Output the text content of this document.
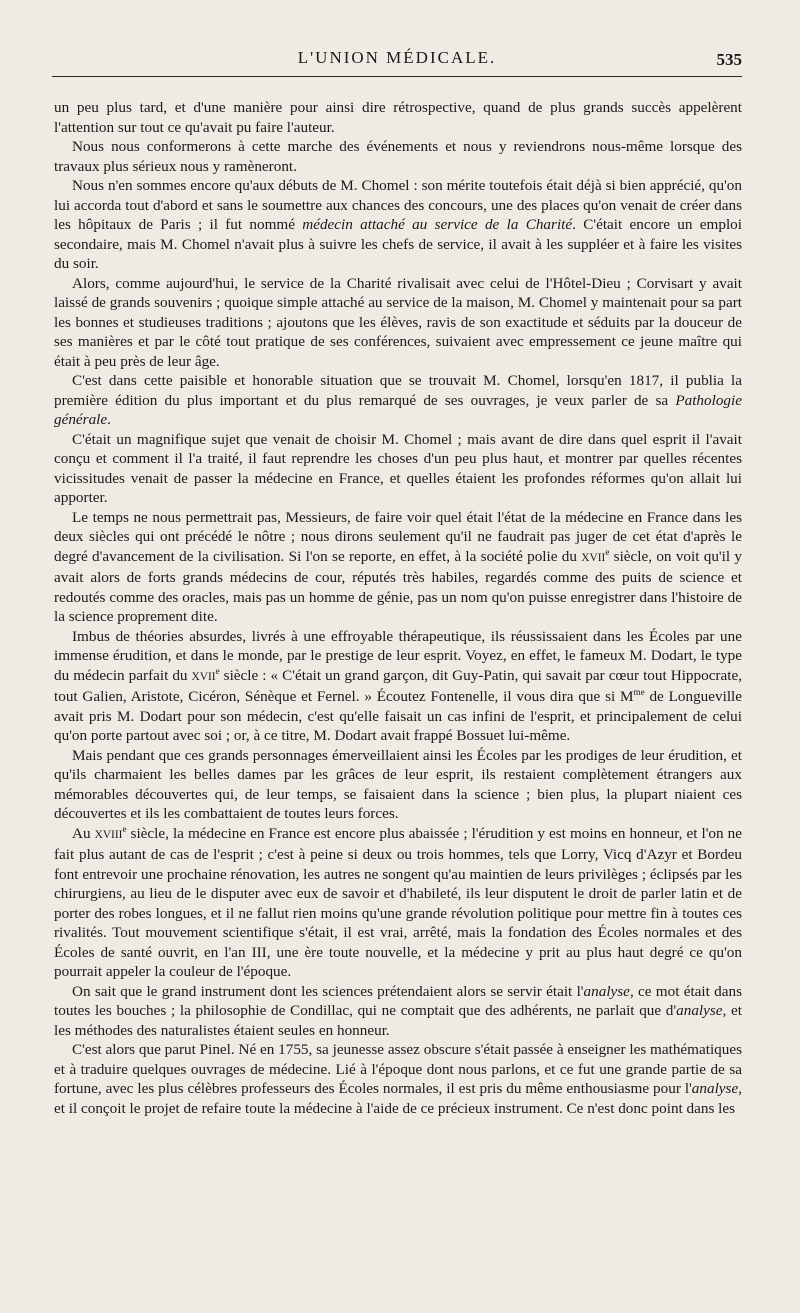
L'UNION MÉDICALE.	535

un peu plus tard, et d'une manière pour ainsi dire rétrospective, quand de plus grands succès appelèrent l'attention sur tout ce qu'avait pu faire l'auteur.

Nous nous conformerons à cette marche des événements et nous y reviendrons nous-même lorsque des travaux plus sérieux nous y ramèneront.

Nous n'en sommes encore qu'aux débuts de M. Chomel : son mérite toutefois était déjà si bien apprécié, qu'on lui accorda tout d'abord et sans le soumettre aux chances des concours, une des places qu'on venait de créer dans les hôpitaux de Paris ; il fut nommé médecin attaché au service de la Charité. C'était encore un emploi secondaire, mais M. Chomel n'avait plus à suivre les chefs de service, il avait à les suppléer et à faire les visites du soir.

Alors, comme aujourd'hui, le service de la Charité rivalisait avec celui de l'Hôtel-Dieu ; Corvisart y avait laissé de grands souvenirs ; quoique simple attaché au service de la maison, M. Chomel y maintenait pour sa part les bonnes et studieuses traditions ; ajoutons que les élèves, ravis de son exactitude et séduits par la douceur de ses manières et par le côté tout pratique de ses conférences, suivaient avec empressement ce jeune maître qui était à peu près de leur âge.

C'est dans cette paisible et honorable situation que se trouvait M. Chomel, lorsqu'en 1817, il publia la première édition du plus important et du plus remarqué de ses ouvrages, je veux parler de sa Pathologie générale.

C'était un magnifique sujet que venait de choisir M. Chomel ; mais avant de dire dans quel esprit il l'avait conçu et comment il l'a traité, il faut reprendre les choses d'un peu plus haut, et montrer par quelles récentes vicissitudes venait de passer la médecine en France, et quelles étaient les profondes réformes qu'on allait lui apporter.

Le temps ne nous permettrait pas, Messieurs, de faire voir quel était l'état de la médecine en France dans les deux siècles qui ont précédé le nôtre ; nous dirons seulement qu'il ne faudrait pas juger de cet état d'après le degré d'avancement de la civilisation. Si l'on se reporte, en effet, à la société polie du XVIIe siècle, on voit qu'il y avait alors de forts grands médecins de cour, réputés très habiles, regardés comme des puits de science et redoutés comme des oracles, mais pas un homme de génie, pas un nom qu'on puisse enregistrer dans l'histoire de la science proprement dite.

Imbus de théories absurdes, livrés à une effroyable thérapeutique, ils réussissaient dans les Écoles par une immense érudition, et dans le monde, par le prestige de leur esprit. Voyez, en effet, le fameux M. Dodart, le type du médecin parfait du XVIIe siècle : « C'était un grand garçon, dit Guy-Patin, qui savait par cœur tout Hippocrate, tout Galien, Aristote, Cicéron, Sénèque et Fernel. » Écoutez Fontenelle, il vous dira que si $M^{me}$ de Longueville avait pris M. Dodart pour son médecin, c'est qu'elle faisait un cas infini de l'esprit, et principalement de celui qu'on porte partout avec soi ; or, à ce titre, M. Dodart avait frappé Bossuet lui-même.

Mais pendant que ces grands personnages émerveillaient ainsi les Écoles par les prodiges de leur érudition, et qu'ils charmaient les belles dames par les grâces de leur esprit, ils restaient complètement étrangers aux mémorables découvertes qui, de leur temps, se faisaient dans la science ; bien plus, la plupart niaient ces découvertes et ils les combattaient de toutes leurs forces.

Au XVIIIe siècle, la médecine en France est encore plus abaissée ; l'érudition y est moins en honneur, et l'on ne fait plus autant de cas de l'esprit ; c'est à peine si deux ou trois hommes, tels que Lorry, Vicq d'Azyr et Bordeu font entrevoir une prochaine rénovation, les autres ne songent qu'au maintien de leurs privilèges ; éclipsés par les chirurgiens, au lieu de le disputer avec eux de savoir et d'habileté, ils leur disputent le droit de parler latin et de porter des robes longues, et il ne fallut rien moins qu'une grande révolution politique pour mettre fin à toutes ces rivalités. Tout mouvement scientifique s'était, il est vrai, arrêté, mais la fondation des Écoles normales et des Écoles de santé ouvrit, en l'an III, une ère toute nouvelle, et la médecine y prit au plus haut degré ce qu'on pourrait appeler la couleur de l'époque.

On sait que le grand instrument dont les sciences prétendaient alors se servir était l'analyse, ce mot était dans toutes les bouches ; la philosophie de Condillac, qui ne comptait que des adhérents, ne parlait que d'analyse, et les méthodes des naturalistes étaient seules en honneur.

C'est alors que parut Pinel. Né en 1755, sa jeunesse assez obscure s'était passée à enseigner les mathématiques et à traduire quelques ouvrages de médecine. Lié à l'époque dont nous parlons, et ce fut une grande partie de sa fortune, avec les plus célèbres professeurs des Écoles normales, il est pris du même enthousiasme pour l'analyse, et il conçoit le projet de refaire toute la médecine à l'aide de ce précieux instrument. Ce n'est donc point dans les
